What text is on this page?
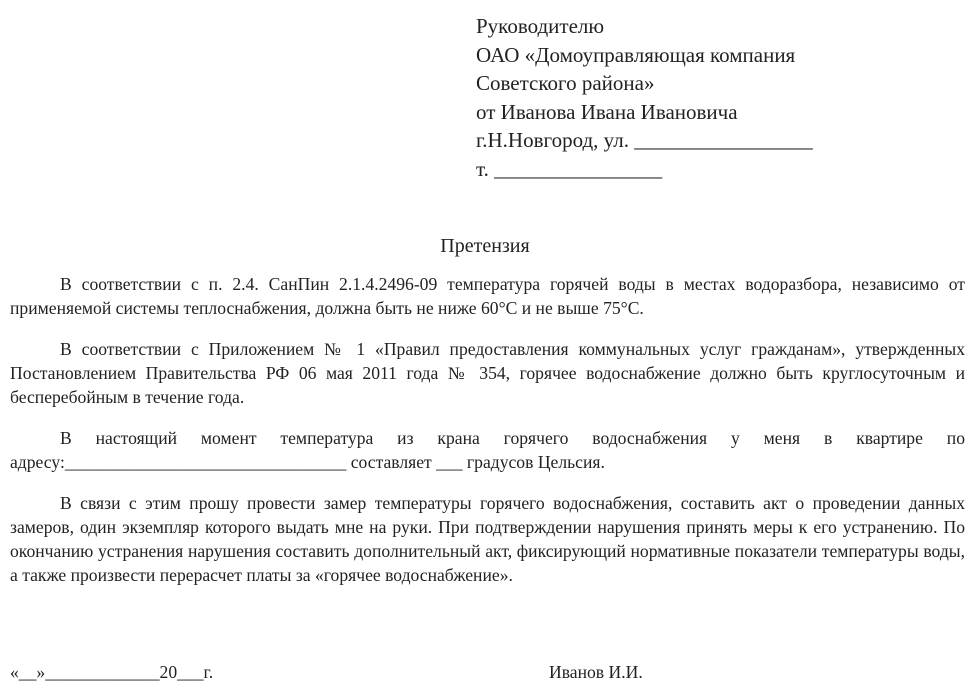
Руководителю
ОАО «Домоуправляющая компания
Советского района»
от Иванова Ивана Ивановича
г.Н.Новгород, ул. _________________
т. ________________
Претензия

В соответствии с п. 2.4. СанПин 2.1.4.2496-09 температура горячей воды в местах водоразбора, независимо от применяемой системы теплоснабжения, должна быть не ниже 60°С и не выше 75°С.

В соответствии с Приложением № 1 «Правил предоставления коммунальных услуг гражданам», утвержденных Постановлением Правительства РФ 06 мая 2011 года № 354, горячее водоснабжение должно быть круглосуточным и бесперебойным в течение года.

В настоящий момент температура из крана горячего водоснабжения у меня в квартире по адресу:________________________________ составляет ___ градусов Цельсия.

В связи с этим прошу провести замер температуры горячего водоснабжения, составить акт о проведении данных замеров, один экземпляр которого выдать мне на руки. При подтверждении нарушения принять меры к его устранению. По окончанию устранения нарушения составить дополнительный акт, фиксирующий нормативные показатели температуры воды, а также произвести перерасчет платы за «горячее водоснабжение».

«__»_____________20___г.	Иванов И.И.
